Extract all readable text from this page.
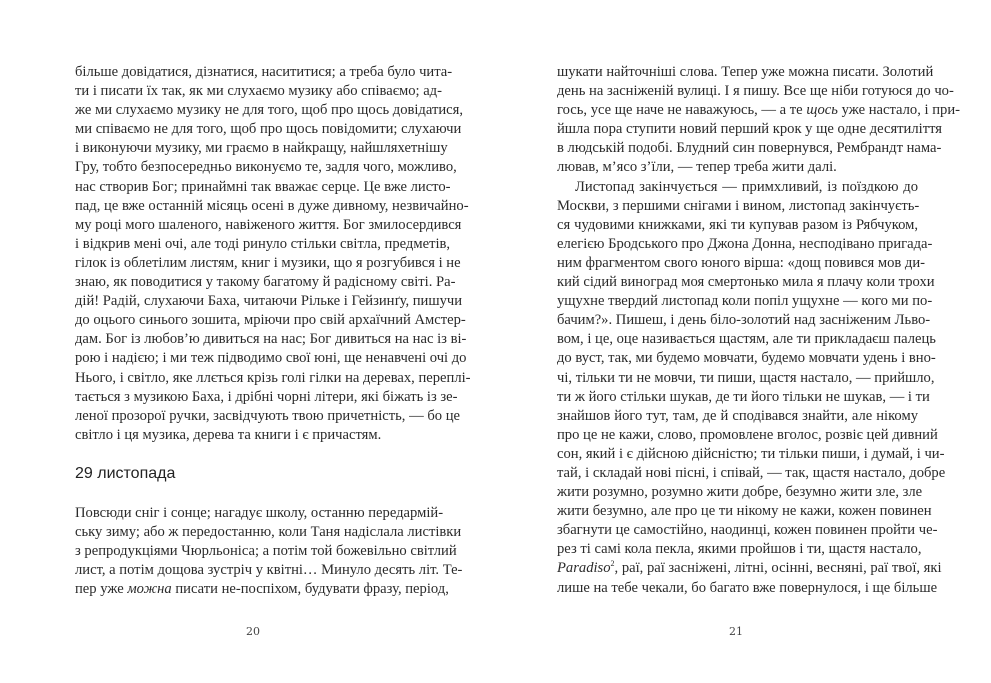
більше довідатися, дізнатися, насититися; а треба було чита-
ти і писати їх так, як ми слухаємо музику або співаємо; ад-
же ми слухаємо музику не для того, щоб про щось довідатися,
ми співаємо не для того, щоб про щось повідомити; слухаючи
і виконуючи музику, ми граємо в найкращу, найшляхетнішу
Гру, тобто безпосередньо виконуємо те, задля чого, можливо,
нас створив Бог; принаймні так вважає серце. Це вже листо-
пад, це вже останній місяць осені в дуже дивному, незвичайно-
му році мого шаленого, навіженого життя. Бог змилосердився
і відкрив мені очі, але тоді ринуло стільки світла, предметів,
гілок із облетілим листям, книг і музики, що я розгубився і не
знаю, як поводитися у такому багатому й радісному світі. Ра-
дій! Радій, слухаючи Баха, читаючи Рільке і Гейзинґу, пишучи
до оцього синього зошита, мріючи про свій архаїчний Амстер-
дам. Бог із любов’ю дивиться на нас; Бог дивиться на нас із ві-
рою і надією; і ми теж підводимо свої юні, ще ненавчені очі до
Нього, і світло, яке ллється крізь голі гілки на деревах, переплі-
тається з музикою Баха, і дрібні чорні літери, які біжать із зе-
леної прозорої ручки, засвідчують твою причетність, — бо це
світло і ця музика, дерева та книги і є причастям.
29 листопада
Повсюди сніг і сонце; нагадує школу, останню передармій-
ську зиму; або ж передостанню, коли Таня надіслала листівки
з репродукціями Чюрльоніса; а потім той божевільно світлий
лист, а потім дощова зустріч у квітні… Минуло десять літ. Те-
пер уже можна писати не-поспіхом, будувати фразу, період,
20
шукати найточніші слова. Тепер уже можна писати. Золотий
день на засніженій вулиці. І я пишу. Все ще ніби готуюся до чо-
гось, усе ще наче не наважуюсь, — а те щось уже настало, і при-
йшла пора ступити новий перший крок у ще одне десятиліття
в людській подобі. Блудний син повернувся, Рембрандт нама-
лював, м’ясо з’їли, — тепер треба жити далі.
Листопад закінчується — примхливий, із поїздкою до
Москви, з першими снігами і вином, листопад закінчуєть-
ся чудовими книжками, які ти купував разом із Рябчуком,
елегією Бродського про Джона Донна, несподівано пригада-
ним фрагментом свого юного вірша: «дощ повився мов ди-
кий сідий виноград моя смертонько мила я плачу коли трохи
ущухне твердий листопад коли попіл ущухне — кого ми по-
бачим?». Пишеш, і день біло-золотий над засніженим Льво-
вом, і це, оце називається щастям, але ти прикладаєш палець
до вуст, так, ми будемо мовчати, будемо мовчати удень і вно-
чі, тільки ти не мовчи, ти пиши, щастя настало, — прийшло,
ти ж його стільки шукав, де ти його тільки не шукав, — і ти
знайшов його тут, там, де й сподівався знайти, але нікому
про це не кажи, слово, промовлене вголос, розвіє цей дивний
сон, який і є дійсною дійсністю; ти тільки пиши, і думай, і чи-
тай, і складай нові пісні, і співай, — так, щастя настало, добре
жити розумно, розумно жити добре, безумно жити зле, зле
жити безумно, але про це ти нікому не кажи, кожен повинен
збагнути це самостійно, наодинці, кожен повинен пройти че-
рез ті самі кола пекла, якими пройшов і ти, щастя настало,
Paradiso$^2$, раї, раї засніжені, літні, осінні, весняні, раї твої, які
лише на тебе чекали, бо багато вже повернулося, і ще більше
21
